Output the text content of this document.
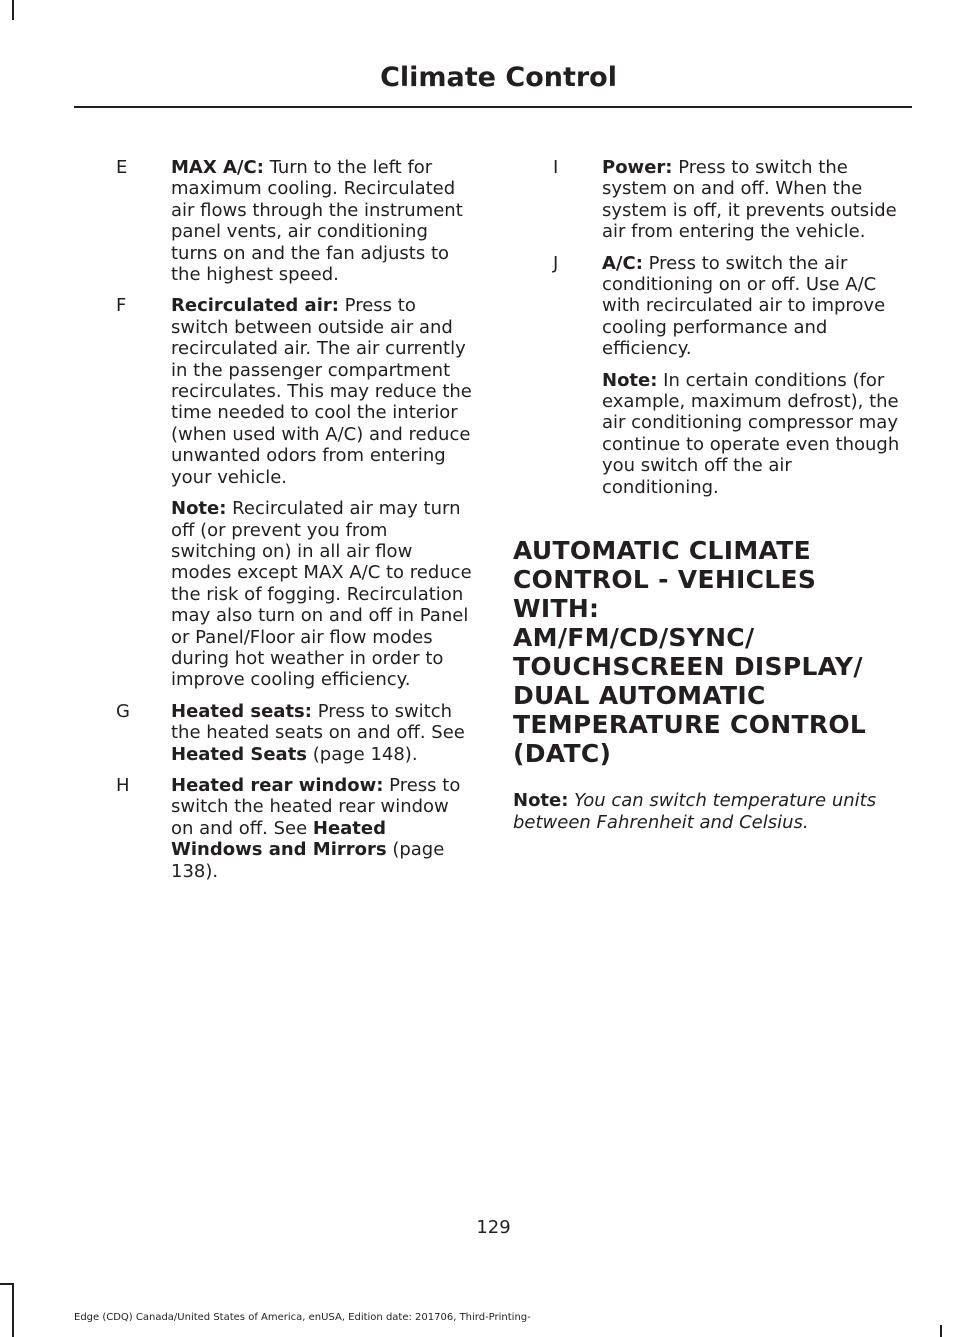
Climate Control
E MAX A/C: Turn to the left for maximum cooling. Recirculated air flows through the instrument panel vents, air conditioning turns on and the fan adjusts to the highest speed.

F Recirculated air: Press to switch between outside air and recirculated air. The air currently in the passenger compartment recirculates. This may reduce the time needed to cool the interior (when used with A/C) and reduce unwanted odors from entering your vehicle.

Note: Recirculated air may turn off (or prevent you from switching on) in all air flow modes except MAX A/C to reduce the risk of fogging. Recirculation may also turn on and off in Panel or Panel/Floor air flow modes during hot weather in order to improve cooling efficiency.

G Heated seats: Press to switch the heated seats on and off. See Heated Seats (page 148).

H Heated rear window: Press to switch the heated rear window on and off. See Heated Windows and Mirrors (page 138).

I Power: Press to switch the system on and off. When the system is off, it prevents outside air from entering the vehicle.

J A/C: Press to switch the air conditioning on or off. Use A/C with recirculated air to improve cooling performance and efficiency.

Note: In certain conditions (for example, maximum defrost), the air conditioning compressor may continue to operate even though you switch off the air conditioning.

AUTOMATIC CLIMATE
CONTROL - VEHICLES WITH:
AM/FM/CD/SYNC/
TOUCHSCREEN DISPLAY/
DUAL AUTOMATIC
TEMPERATURE CONTROL
(DATC)
Note: You can switch temperature units between Fahrenheit and Celsius.
129
Edge (CDQ) Canada/United States of America, enUSA, Edition date: 201706, Third-Printing-
